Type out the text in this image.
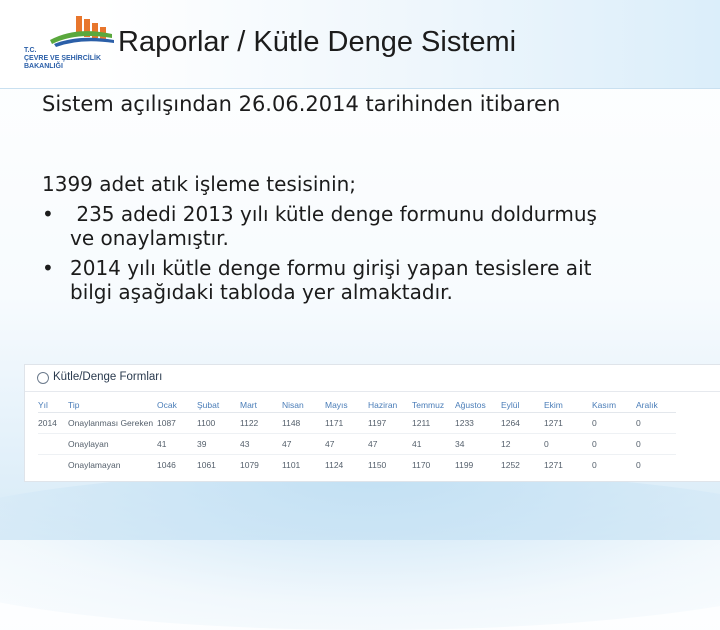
T.C.
ÇEVRE VE ŞEHİRCİLİK
BAKANLIĞI
Raporlar / Kütle Denge Sistemi
Sistem açılışından 26.06.2014 tarihinden itibaren

1399 adet atık işleme tesisinin;

•	235 adedi 2013 yılı kütle denge formunu doldurmuş
ve onaylamıştır.
• 2014 yılı kütle denge formu girişi yapan tesislere ait
bilgi aşağıdaki tabloda yer almaktadır.
Kütle/Denge Formları
Yıl	Tip	Ocak	Şubat	Mart	Nisan	Mayıs	Haziran	Temmuz	Ağustos	Eylül	Ekim	Kasım	Aralık
2014	Onaylanması Gereken	1087	1100	1122	1148	1171	1197	1211	1233	1264	1271	0	0
	Onaylayan	41	39	43	47	47	47	41	34	12	0	0	0
	Onaylamayan	1046	1061	1079	1101	1124	1150	1170	1199	1252	1271	0	0
